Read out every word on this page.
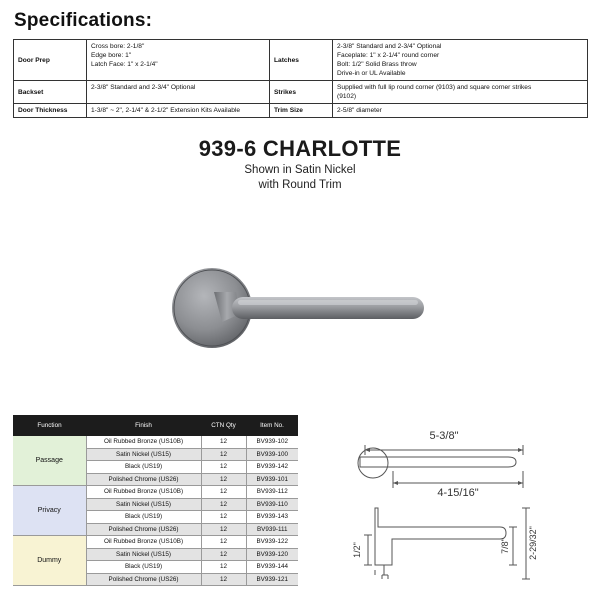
Specifications:
Door Prep	Cross bore: 2-1/8"
Edge bore: 1"
Latch Face: 1" x 2-1/4"	Latches	2-3/8" Standard and 2-3/4" Optional
Faceplate: 1" x 2-1/4" round corner
Bolt: 1/2" Solid Brass throw
Drive-in or UL Available
Backset	2-3/8" Standard and 2-3/4" Optional	Strikes	Supplied with full lip round corner (9103) and square corner strikes
(9102)
Door Thickness	1-3/8" ~ 2", 2-1/4" & 2-1/2" Extension Kits Available	Trim Size	2-5/8" diameter
939-6 CHARLOTTE
Shown in Satin Nickel
with Round Trim
Function	Finish	CTN Qty	Item No.
Passage	Oil Rubbed Bronze (US10B)	12	BV939-102
	Satin Nickel (US15)	12	BV939-100
	Black (US19)	12	BV939-142
	Polished Chrome (US26)	12	BV939-101
Privacy	Oil Rubbed Bronze (US10B)	12	BV939-112
	Satin Nickel (US15)	12	BV939-110
	Black (US19)	12	BV939-143
	Polished Chrome (US26)	12	BV939-111
Dummy	Oil Rubbed Bronze (US10B)	12	BV939-122
	Satin Nickel (US15)	12	BV939-120
	Black (US19)	12	BV939-144
	Polished Chrome (US26)	12	BV939-121
5-3/8"
4-15/16"
1/2"	7/8" 2-29/32"
